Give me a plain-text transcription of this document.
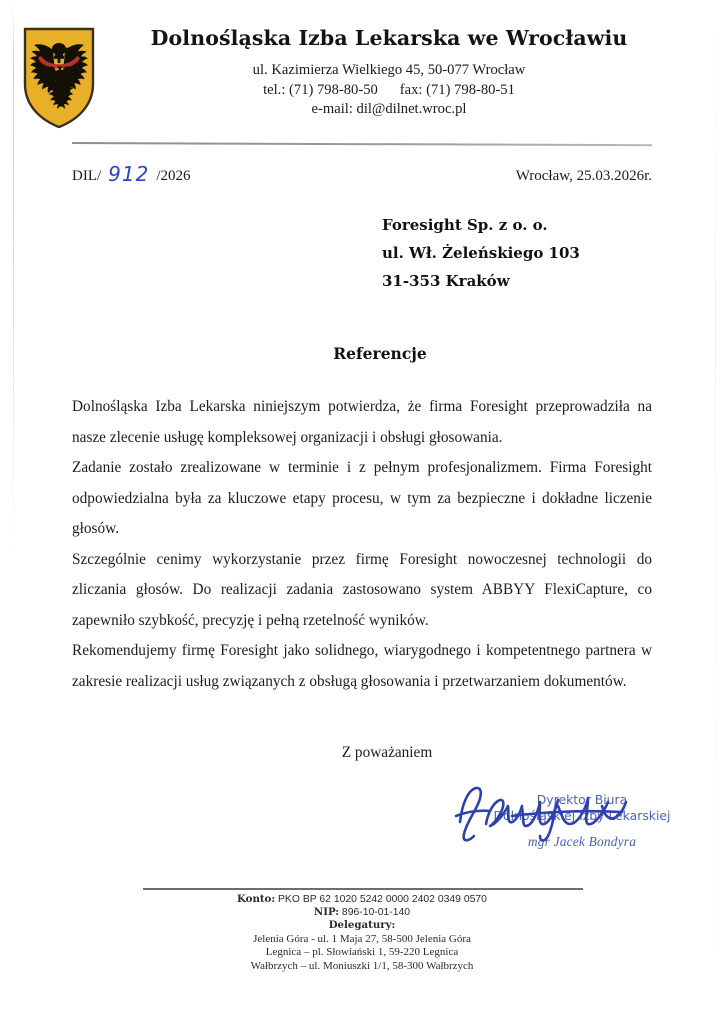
DIL
Dolnośląska Izba Lekarska we Wrocławiu
ul. Kazimierza Wielkiego 45, 50-077 Wrocław
tel.: (71) 798-80-50 fax: (71) 798-80-51
e-mail: dil@dilnet.wroc.pl
DIL/ 912 /2026	Wrocław, 25.03.2026r.
Foresight Sp. z o. o.
ul. Wł. Żeleńskiego 103
31-353 Kraków
Referencje

Dolnośląska Izba Lekarska niniejszym potwierdza, że firma Foresight przeprowadziła na nasze zlecenie usługę kompleksowej organizacji i obsługi głosowania.

Zadanie zostało zrealizowane w terminie i z pełnym profesjonalizmem. Firma Foresight odpowiedzialna była za kluczowe etapy procesu, w tym za bezpieczne i dokładne liczenie głosów.

Szczególnie cenimy wykorzystanie przez firmę Foresight nowoczesnej technologii do zliczania głosów. Do realizacji zadania zastosowano system ABBYY FlexiCapture, co zapewniło szybkość, precyzję i pełną rzetelność wyników.

Rekomendujemy firmę Foresight jako solidnego, wiarygodnego i kompetentnego partnera w zakresie realizacji usług związanych z obsługą głosowania i przetwarzaniem dokumentów.

Z poważaniem
Dyrektor Biura
Dolnośląskiej Izby Lekarskiej
mgr Jacek Bondyra
Konto: PKO BP 62 1020 5242 0000 2402 0349 0570
NIP: 896-10-01-140
Delegatury:
Jelenia Góra - ul. 1 Maja 27, 58-500 Jelenia Góra
Legnica – pl. Słowiański 1, 59-220 Legnica
Wałbrzych – ul. Moniuszki 1/1, 58-300 Wałbrzych
